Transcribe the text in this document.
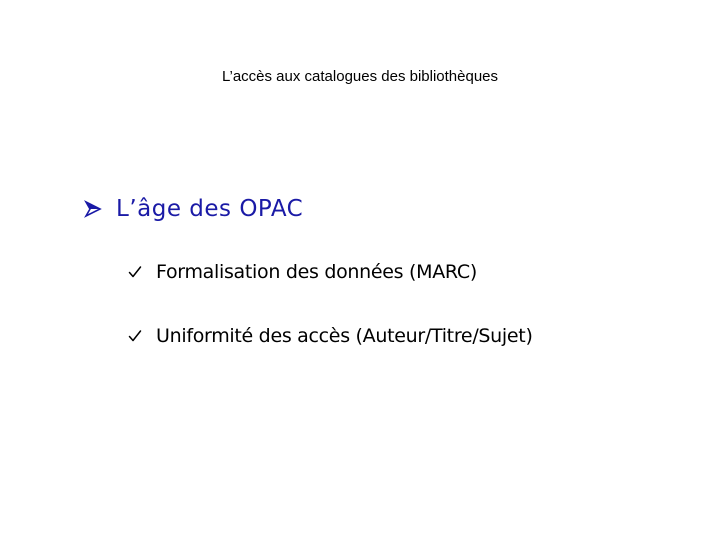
L’accès aux catalogues des bibliothèques
L’âge des OPAC
Formalisation des données (MARC)
Uniformité des accès (Auteur/Titre/Sujet)
